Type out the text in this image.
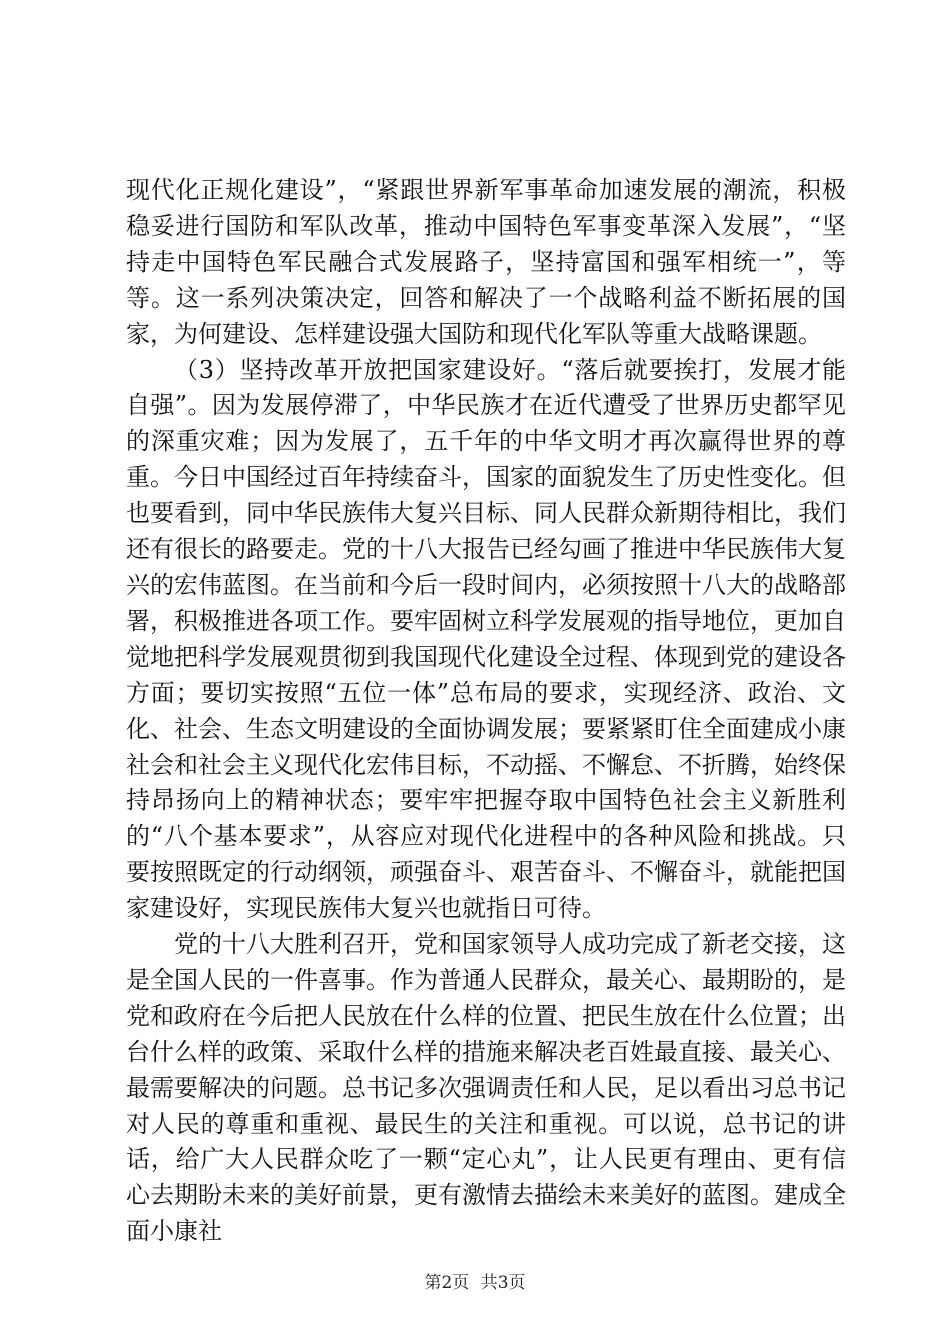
现代化正规化建设”，“紧跟世界新军事革命加速发展的潮流，积极稳妥进行国防和军队改革，推动中国特色军事变革深入发展”，“坚持走中国特色军民融合式发展路子，坚持富国和强军相统一”，等等。这一系列决策决定，回答和解决了一个战略利益不断拓展的国家，为何建设、怎样建设强大国防和现代化军队等重大战略课题。

（3）坚持改革开放把国家建设好。“落后就要挨打，发展才能自强”。因为发展停滞了，中华民族才在近代遭受了世界历史都罕见的深重灾难；因为发展了，五千年的中华文明才再次赢得世界的尊重。今日中国经过百年持续奋斗，国家的面貌发生了历史性变化。但也要看到，同中华民族伟大复兴目标、同人民群众新期待相比，我们还有很长的路要走。党的十八大报告已经勾画了推进中华民族伟大复兴的宏伟蓝图。在当前和今后一段时间内，必须按照十八大的战略部署，积极推进各项工作。要牢固树立科学发展观的指导地位，更加自觉地把科学发展观贯彻到我国现代化建设全过程、体现到党的建设各方面；要切实按照“五位一体”总布局的要求，实现经济、政治、文化、社会、生态文明建设的全面协调发展；要紧紧盯住全面建成小康社会和社会主义现代化宏伟目标，不动摇、不懈怠、不折腾，始终保持昂扬向上的精神状态；要牢牢把握夺取中国特色社会主义新胜利的“八个基本要求”，从容应对现代化进程中的各种风险和挑战。只要按照既定的行动纲领，顽强奋斗、艰苦奋斗、不懈奋斗，就能把国家建设好，实现民族伟大复兴也就指日可待。

党的十八大胜利召开，党和国家领导人成功完成了新老交接，这是全国人民的一件喜事。作为普通人民群众，最关心、最期盼的，是党和政府在今后把人民放在什么样的位置、把民生放在什么位置；出台什么样的政策、采取什么样的措施来解决老百姓最直接、最关心、最需要解决的问题。总书记多次强调责任和人民，足以看出习总书记对人民的尊重和重视、最民生的关注和重视。可以说，总书记的讲话，给广大人民群众吃了一颗“定心丸”，让人民更有理由、更有信心去期盼未来的美好前景，更有激情去描绘未来美好的蓝图。建成全面小康社

第2页 共3页
